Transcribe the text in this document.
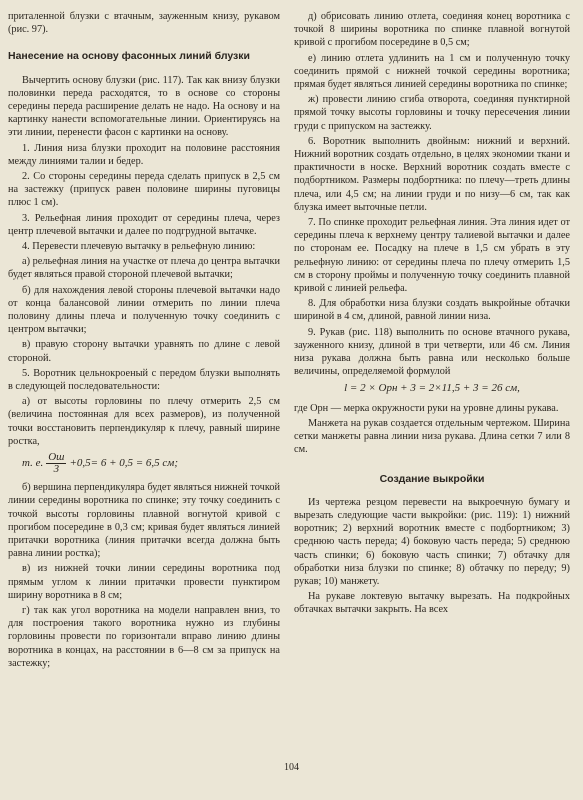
приталенной блузки с втачным, зауженным книзу, рукавом (рис. 97).

Нанесение на основу фасонных линий блузки

Вычертить основу блузки (рис. 117). Так как внизу блузки половинки переда расходятся, то в основе со стороны середины переда расширение делать не надо. На основу и на картинку нанести вспомогательные линии. Ориентируясь на эти линии, перенести фасон с картинки на основу.

1. Линия низа блузки проходит на половине расстояния между линиями талии и бедер.

2. Со стороны середины переда сделать припуск в 2,5 см на застежку (припуск равен половине ширины пуговицы плюс 1 см).

3. Рельефная линия проходит от середины плеча, через центр плечевой вытачки и далее по подгрудной вытачке.

4. Перевести плечевую вытачку в рельефную линию:

а) рельефная линия на участке от плеча до центра вытачки будет являться правой стороной плечевой вытачки;

б) для нахождения левой стороны плечевой вытачки надо от конца балансовой линии отмерить по линии плеча половину длины плеча и полученную точку соединить с центром вытачки;

в) правую сторону вытачки уравнять по длине с левой стороной.

5. Воротник цельнокроеный с передом блузки выполнять в следующей последовательности:

а) от высоты горловины по плечу отмерить 2,5 см (величина постоянная для всех размеров), из полученной точки восстановить перпендикуляр к плечу, равный ширине ростка,

т. е. $\frac{Ош}{3} +0,5= 6 + 0,5 = 6,5$ см;

б) вершина перпендикуляра будет являться нижней точкой линии середины воротника по спинке; эту точку соединить с точкой высоты горловины плавной вогнутой кривой с прогибом посередине в 0,3 см; кривая будет являться линией притачки воротника (линия притачки всегда должна быть равна линии ростка);

в) из нижней точки линии середины воротника под прямым углом к линии притачки провести пунктиром ширину воротника в 8 см;

г) так как угол воротника на модели направлен вниз, то для построения такого воротника нужно из глубины горловины провести по горизонтали вправо линию длины воротника в концах, на расстоянии в 6—8 см за припуск на застежку;

д) обрисовать линию отлета, соединяя конец воротника с точкой 8 ширины воротника по спинке плавной вогнутой кривой с прогибом посередине в 0,5 см;

е) линию отлета удлинить на 1 см и полученную точку соединить прямой с нижней точкой середины воротника; прямая будет являться линией середины воротника по спинке;

ж) провести линию сгиба отворота, соединяя пунктирной прямой точку высоты горловины и точку пересечения линии груди с припуском на застежку.

6. Воротник выполнить двойным: нижний и верхний. Нижний воротник создать отдельно, в целях экономии ткани и практичности в носке. Верхний воротник создать вместе с подбортником. Размеры подбортника: по плечу—треть длины плеча, или 4,5 см; на линии груди и по низу—6 см, так как блузка имеет выточные петли.

7. По спинке проходит рельефная линия. Эта линия идет от середины плеча к верхнему центру талиевой вытачки и далее по сторонам ее. Посадку на плече в 1,5 см убрать в эту рельефную линию: от середины плеча по плечу отмерить 1,5 см в сторону проймы и полученную точку соединить плавной кривой с линией рельефа.

8. Для обработки низа блузки создать выкройные обтачки шириной в 4 см, длиной, равной линии низа.

9. Рукав (рис. 118) выполнить по основе втачного рукава, зауженного книзу, длиной в три четверти, или 46 см. Линия низа рукава должна быть равна или несколько больше величины, определяемой формулой

l = 2 × Орн + 3 = 2×11,5 + 3 = 26 см,

где Орн — мерка окружности руки на уровне длины рукава.

Манжета на рукав создается отдельным чертежом. Ширина сетки манжеты равна линии низа рукава. Длина сетки 7 или 8 см.

Создание выкройки

Из чертежа резцом перевести на выкроечную бумагу и вырезать следующие части выкройки: (рис. 119): 1) нижний воротник; 2) верхний воротник вместе с подбортником; 3) среднюю часть переда; 4) боковую часть переда; 5) среднюю часть спинки; 6) боковую часть спинки; 7) обтачку для обработки низа блузки по спинке; 8) обтачку по переду; 9) рукав; 10) манжету.

На рукаве локтевую вытачку вырезать. На подкройных обтачках вытачки закрыть. На всех

104
